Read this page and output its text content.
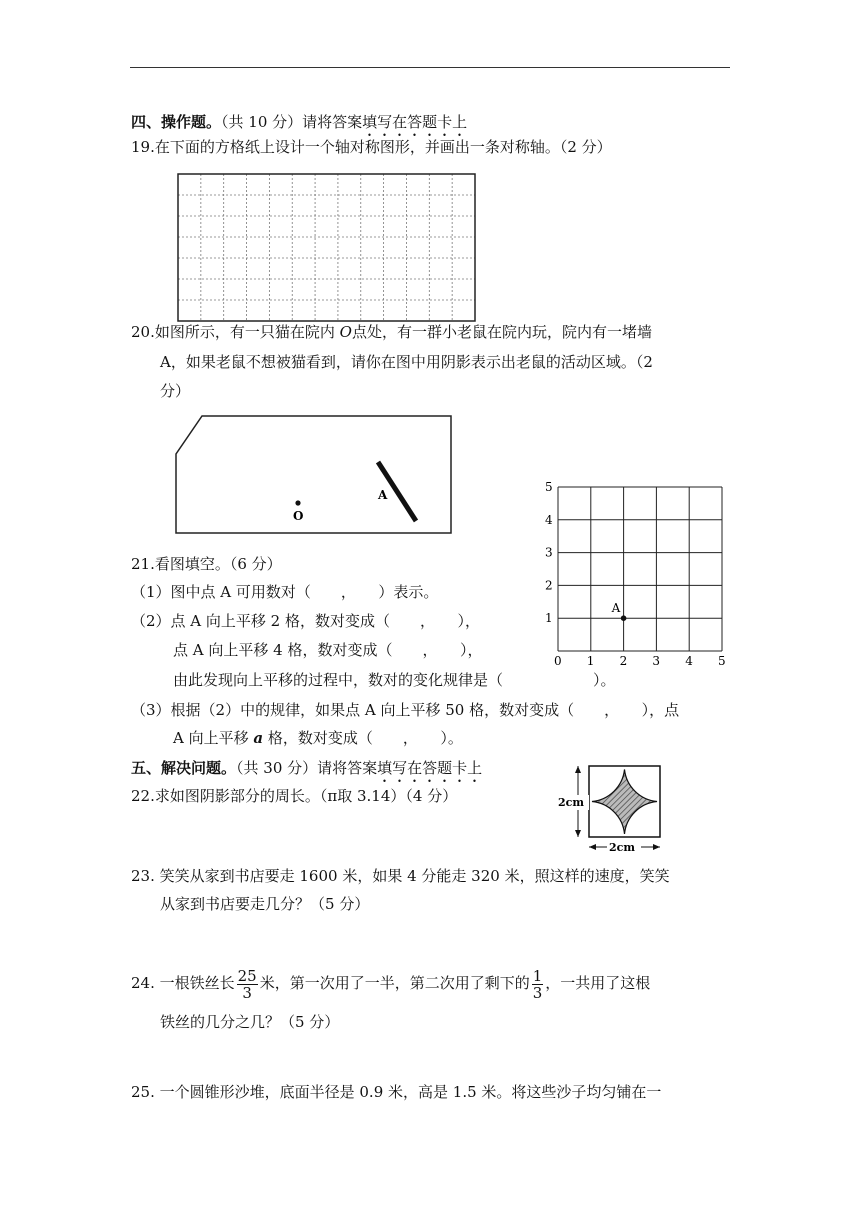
四、操作题。（共 10 分）请将答案填写在答题卡上
19.在下面的方格纸上设计一个轴对称图形，并画出一条对称轴。（2 分）
20.如图所示，有一只猫在院内 O点处，有一群小老鼠在院内玩，院内有一堵墙
A，如果老鼠不想被猫看到，请你在图中用阴影表示出老鼠的活动区域。（2
分）
A
O
0 1 2 3 4 5
1
2
3
4
5
A
21.看图填空。（6 分）
（1）图中点 A 可用数对（　　，　　）表示。
（2）点 A 向上平移 2 格，数对变成（　　，　　），
点 A 向上平移 4 格，数对变成（　　，　　），
由此发现向上平移的过程中，数对的变化规律是（　　　　　　）。
（3）根据（2）中的规律，如果点 A 向上平移 50 格，数对变成（　　，　　），点
A 向上平移 a 格，数对变成（　　，　　）。
五、解决问题。（共 30 分）请将答案填写在答题卡上
22.求如图阴影部分的周长。（π取 3.14）（4 分）	2cm
2cm
23. 笑笑从家到书店要走 1600 米，如果 4 分能走 320 米，照这样的速度，笑笑
从家到书店要走几分？（5 分）
24. 一根铁丝长 $\frac{25}{3}$ 米，第一次用了一半，第二次用了剩下的 $\frac{1}{3}$ ，一共用了这根
铁丝的几分之几？（5 分）
25. 一个圆锥形沙堆，底面半径是 0.9 米，高是 1.5 米。将这些沙子均匀铺在一
